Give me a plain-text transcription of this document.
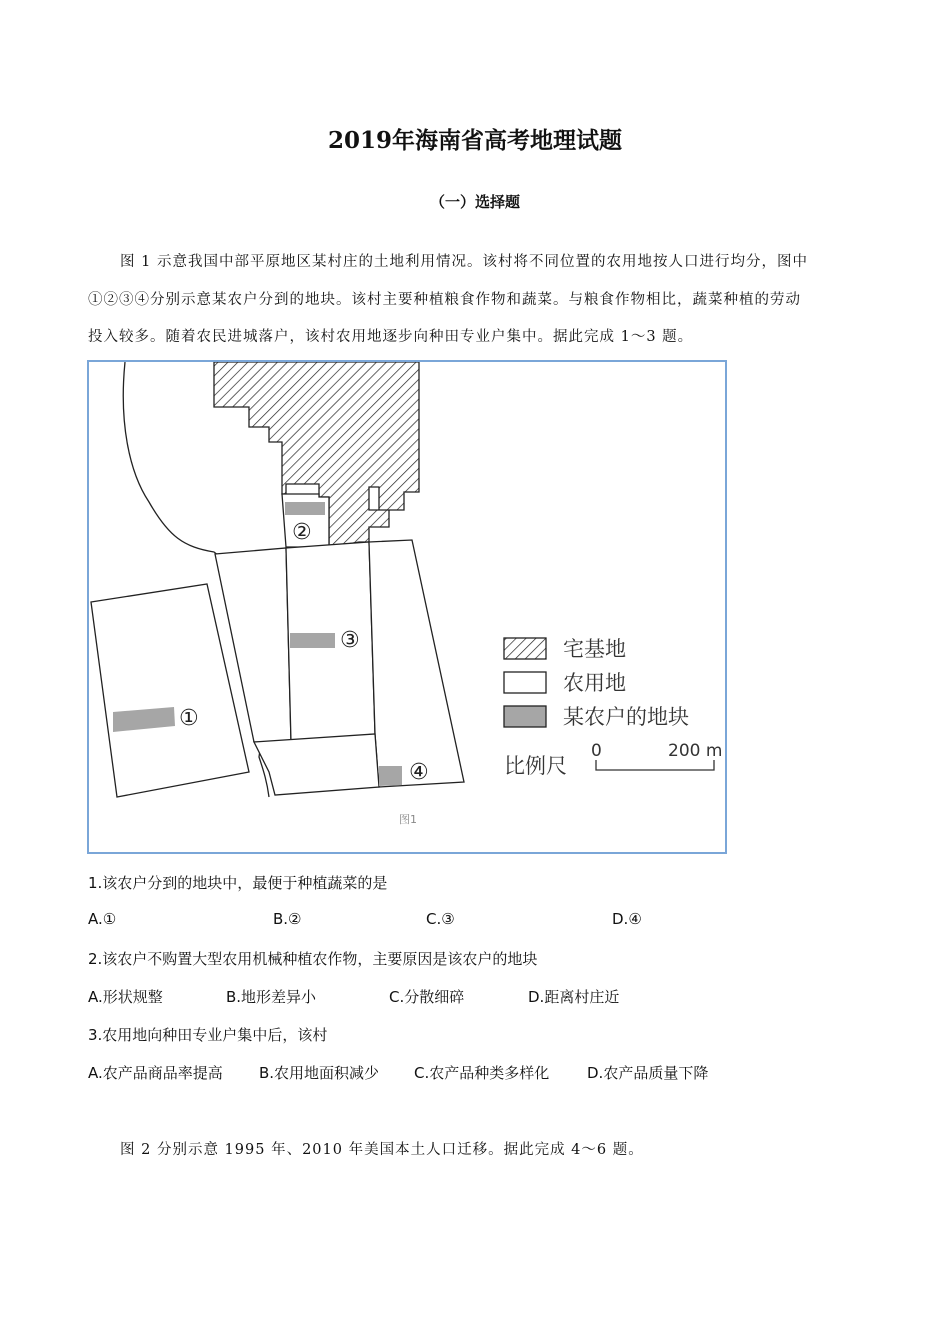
2019年海南省高考地理试题
（一）选择题
图 1 示意我国中部平原地区某村庄的土地利用情况。该村将不同位置的农用地按人口进行均分，图中
①②③④分别示意某农户分到的地块。该村主要种植粮食作物和蔬菜。与粮食作物相比，蔬菜种植的劳动
投入较多。随着农民进城落户，该村农用地逐步向种田专业户集中。据此完成 1～3 题。
①
②
③
④
宅基地
农用地
某农户的地块
比例尺
0	200 m
图1
1.该农户分到的地块中，最便于种植蔬菜的是
A.①	B.②	C.③	D.④
2.该农户不购置大型农用机械种植农作物，主要原因是该农户的地块
A.形状规整	B.地形差异小	C.分散细碎	D.距离村庄近
3.农用地向种田专业户集中后，该村
A.农产品商品率提高 B.农用地面积减少 C.农产品种类多样化	D.农产品质量下降
图 2 分别示意 1995 年、2010 年美国本土人口迁移。据此完成 4～6 题。
